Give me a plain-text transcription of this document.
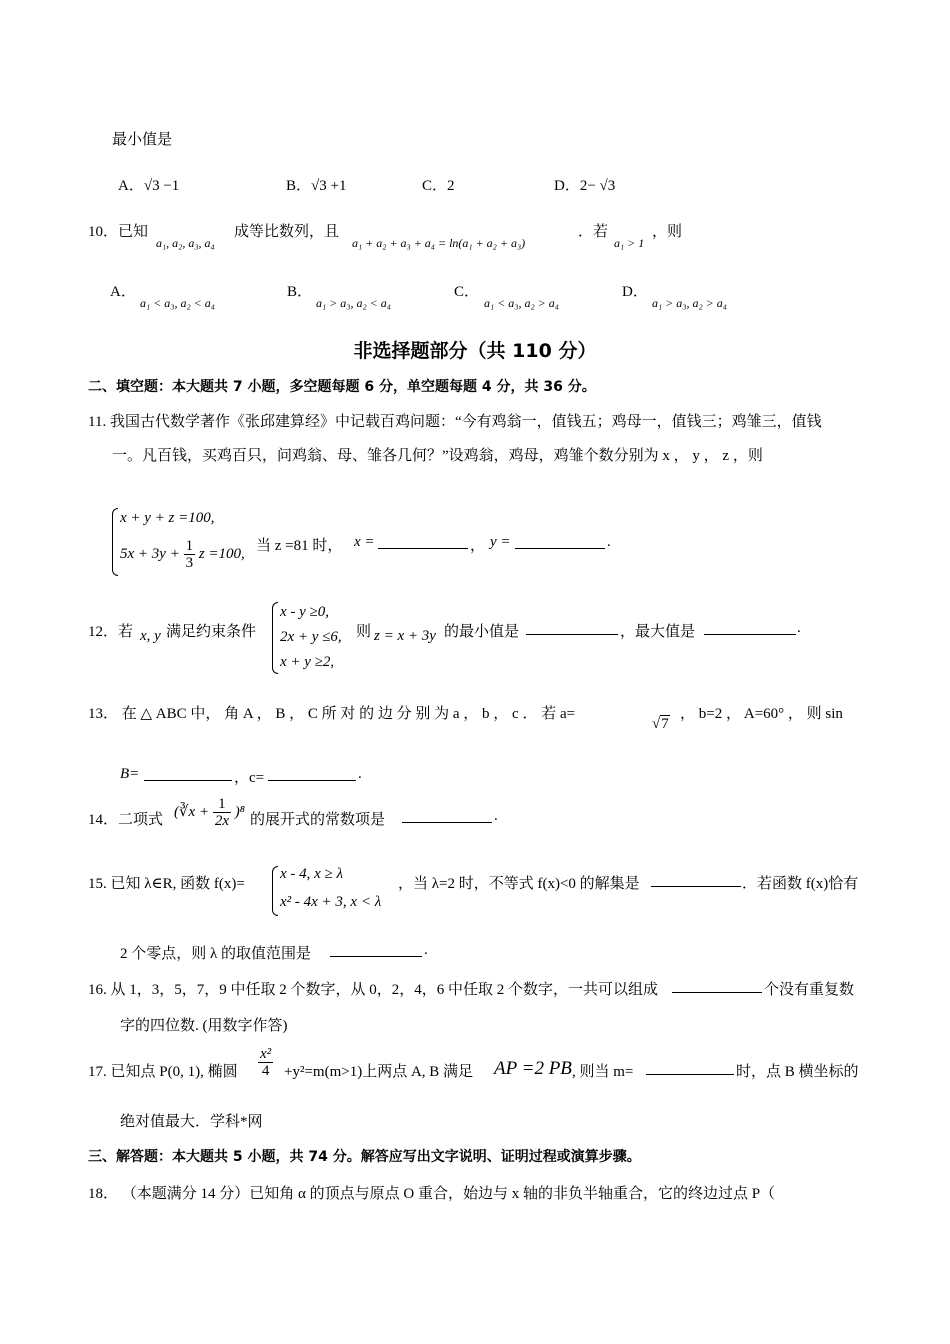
最小值是
A．√3 −1	B．√3 +1	C．2	D．2− √3
10．已知
a₁, a₂, a₃, a₄
成等比数列，且
a₁ + a₂ + a₃ + a₄ = ln(a₁ + a₂ + a₃)
．若
a₁ > 1
，则
A．
a₁ < a₃, a₂ < a₄
B．
a₁ > a₃, a₂ < a₄
C．
a₁ < a₃, a₂ > a₄
D．
a₁ > a₃, a₂ > a₄
非选择题部分（共 110 分）
二、填空题：本大题共 7 小题，多空题每题 6 分，单空题每题 4 分，共 36 分。
11. 我国古代数学著作《张邱建算经》中记载百鸡问题：“今有鸡翁一，值钱五；鸡母一，值钱三；鸡雏三，值钱
一。凡百钱，买鸡百只，问鸡翁、母、雏各几何？”设鸡翁，鸡母，鸡雏个数分别为 x ， y ， z ，则
x + y + z =100,
$5x + 3y + \frac{1}{3}$ z =100, 当 z =81 时， x =	， y =	.
12．若 x, y 满足约束条件
x - y ≥0,
2x + y ≤6,
x + y ≥2,
则 z = x + 3y 的最小值是	，最大值是	.
13． 在 △ ABC 中， 角 A ， B ， C 所 对 的 边 分 别 为 a ， b ， c ． 若 a=
√7
， b=2 ， A=60° ， 则 sin
B=	，c=	.
14．二项式
(∛x + $\frac{1}{2x} )^8$
的展开式的常数项是	.
15. 已知 λ∈R, 函数 f(x)=
x - 4, x ≥ λ
x² - 4x + 3, x < λ
，当 λ=2 时，不等式 f(x)<0 的解集是	．若函数 f(x)恰有
2 个零点，则 λ 的取值范围是	.
16. 从 1，3，5，7，9 中任取 2 个数字，从 0，2，4，6 中任取 2 个数字，一共可以组成	个没有重复数
字的四位数. (用数字作答)
17. 已知点 P(0, 1), 椭圆 $\frac{\text{x²}}{4} +y^2=m(m>1)$上两点 A, B 满足 AP =2 PB , 则当 m=	时，点 B 横坐标的
绝对值最大．学科*网
三、解答题：本大题共 5 小题，共 74 分。解答应写出文字说明、证明过程或演算步骤。
18． （本题满分 14 分）已知角 α 的顶点与原点 O 重合，始边与 x 轴的非负半轴重合，它的终边过点 P（
